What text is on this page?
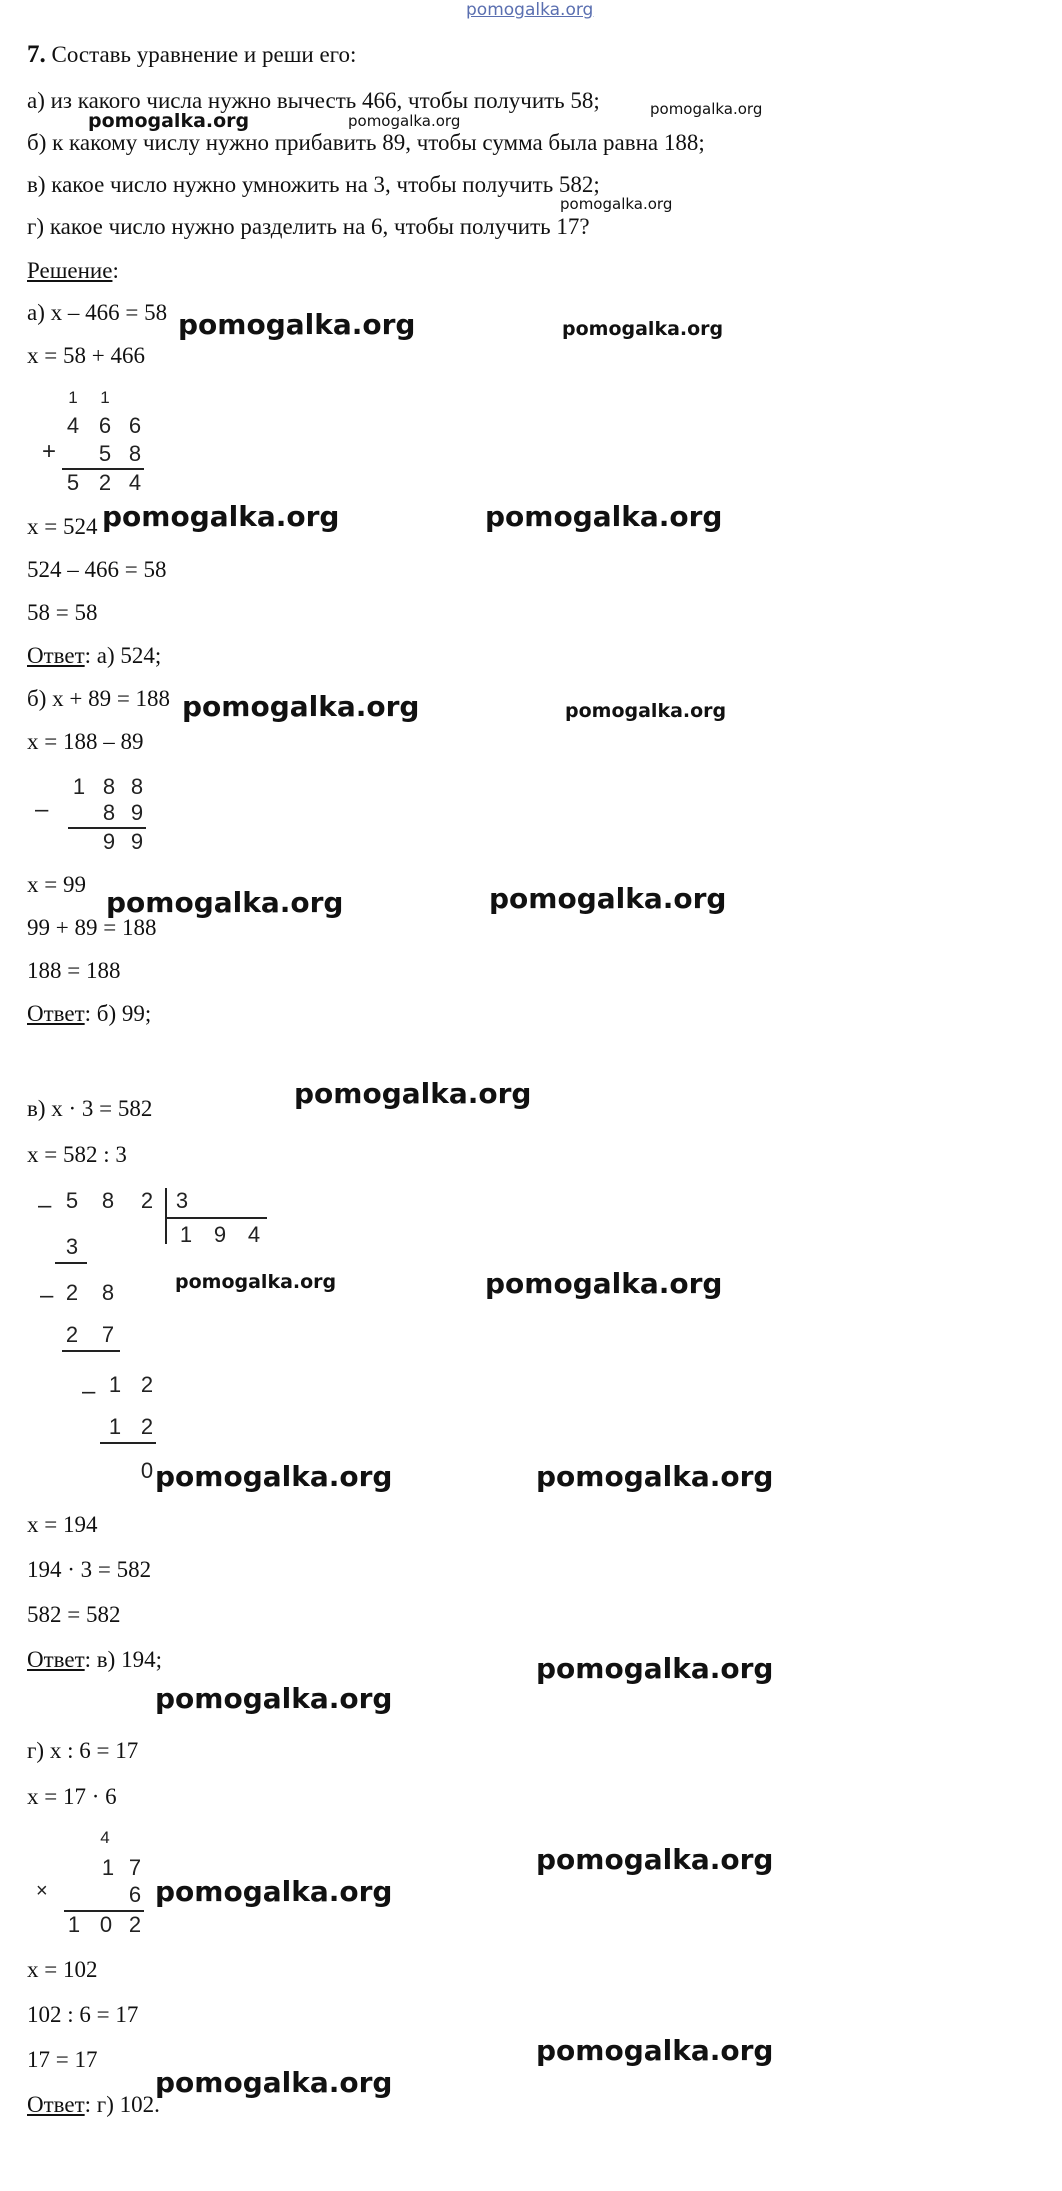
pomogalka.org
7. Составь уравнение и реши его:
а) из какого числа нужно вычесть 466, чтобы получить 58;
б) к какому числу нужно прибавить 89, чтобы сумма была равна 188;
в) какое число нужно умножить на 3, чтобы получить 582;
г) какое число нужно разделить на 6, чтобы получить 17?
Решение:
а) х – 466 = 58
х = 58 + 466
1	1
4 6 6
+ 5 8
5 2 4
х = 524
524 – 466 = 58
58 = 58
Ответ: а) 524;
б) х + 89 = 188
х = 188 – 89
1 8 8
– 8 9
9 9
х = 99
99 + 89 = 188
188 = 188
Ответ: б) 99;
в) х · 3 = 582
х = 582 : 3
– 5 8 2 3
1 9 4
3
– 2 8
2 7
– 1 2
1 2
0
х = 194
194 · 3 = 582
582 = 582
Ответ: в) 194;
г) х : 6 = 17
х = 17 · 6
4
1 7
×	6
1 0 2
х = 102
102 : 6 = 17
17 = 17
Ответ: г) 102.
pomogalka.org
pomogalka.org
pomogalka.org
pomogalka.org
pomogalka.org	pomogalka.org
pomogalka.org	pomogalka.org
pomogalka.org	pomogalka.org
pomogalka.org	pomogalka.org
pomogalka.org
pomogalka.org	pomogalka.org
pomogalka.org	pomogalka.org
pomogalka.org
pomogalka.org
pomogalka.org
pomogalka.org
pomogalka.org
pomogalka.org
